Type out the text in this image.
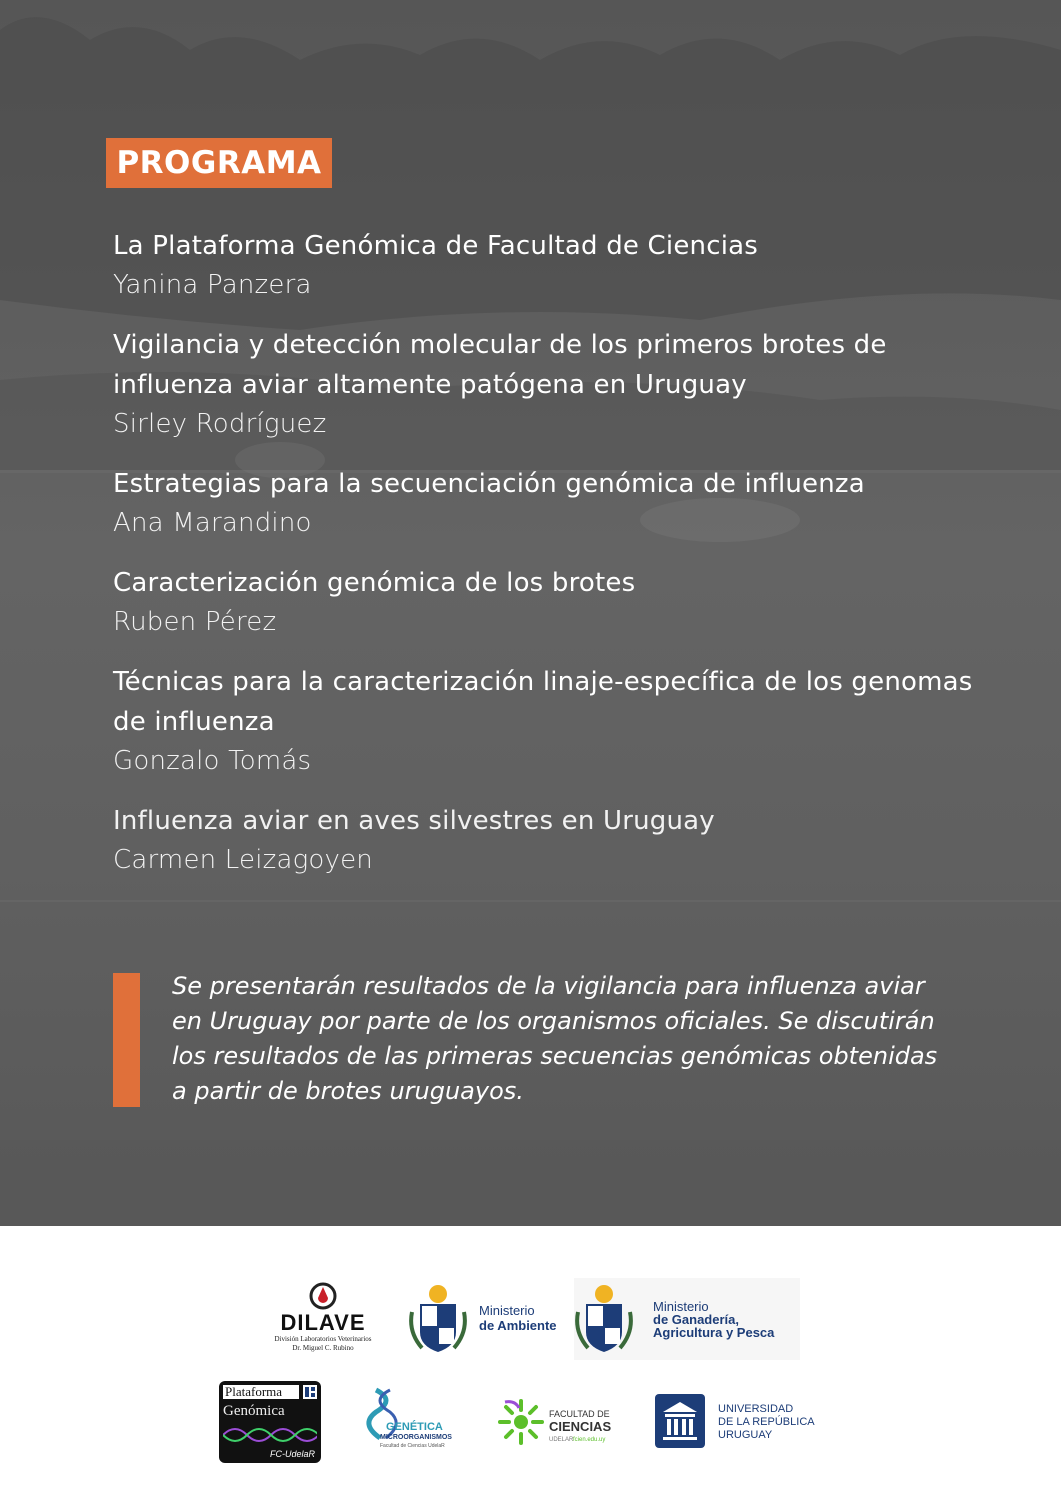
PROGRAMA
La Plataforma Genómica de Facultad de Ciencias
Yanina Panzera
Vigilancia y detección molecular de los primeros brotes de influenza aviar altamente patógena en Uruguay
Sirley Rodríguez
Estrategias para la secuenciación genómica de influenza
Ana Marandino
Caracterización genómica de los brotes
Ruben Pérez
Técnicas para la caracterización linaje-específica de los genomas de influenza
Gonzalo Tomás
Influenza aviar en aves silvestres en Uruguay
Carmen Leizagoyen
Se presentarán resultados de la vigilancia para influenza aviar en Uruguay por parte de los organismos oficiales. Se discutirán los resultados de las primeras secuencias genómicas obtenidas a partir de brotes uruguayos.
DILAVE
División Laboratorios Veterinarios
Dr. Miguel C. Rubino
Ministerio
de Ambiente
Ministerio
de Ganadería,
Agricultura y Pesca
Plataforma
Genómica
FC-UdelaR
GENÉTICA
MICROORGANISMOS
Facultad de Ciencias UdelaR
FACULTAD DE
CIENCIAS
UDELAR fcien.edu.uy
UNIVERSIDAD
DE LA REPÚBLICA
URUGUAY
